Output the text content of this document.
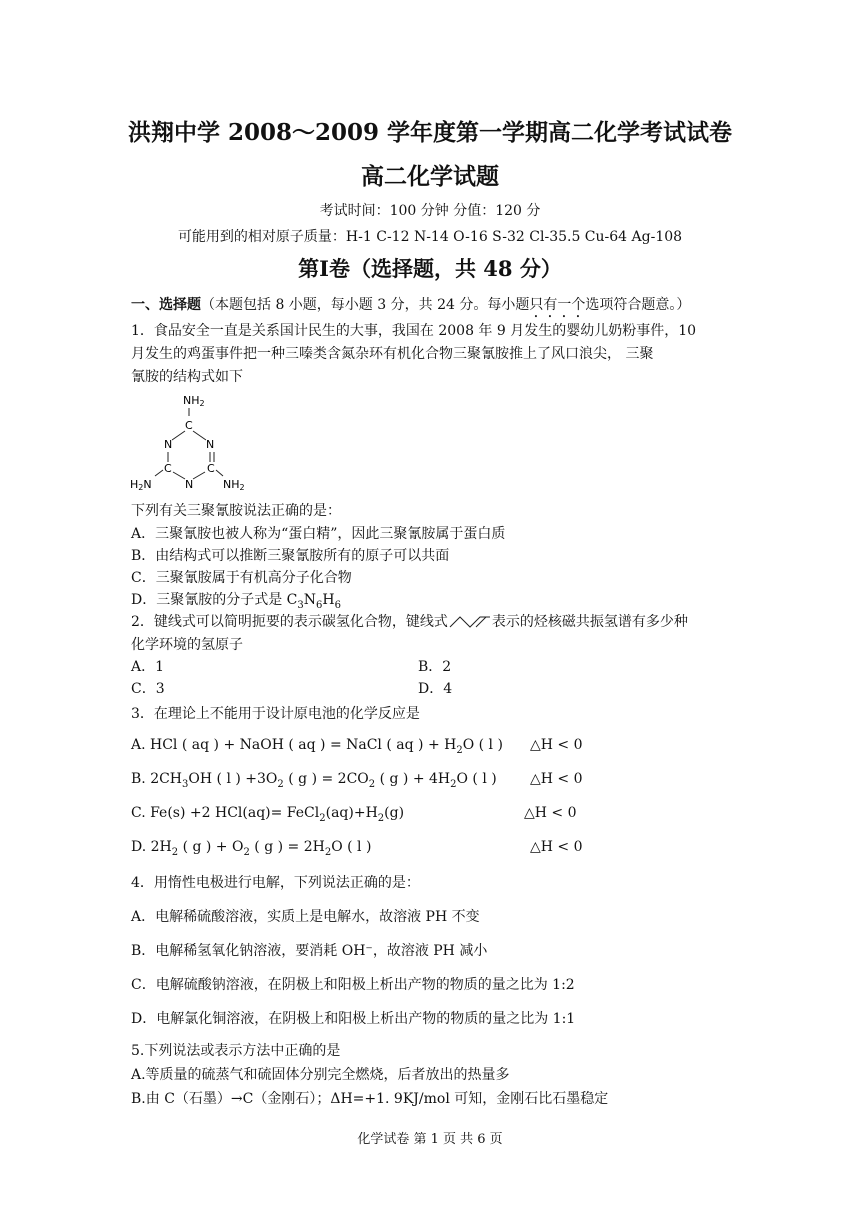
洪翔中学 2008～2009 学年度第一学期高二化学考试试卷
高二化学试题
考试时间：100 分钟 分值：120 分
可能用到的相对原子质量：H-1 C-12 N-14 O-16 S-32 Cl-35.5 Cu-64 Ag-108
第Ⅰ卷（选择题，共 48 分）
一、选择题（本题包括 8 小题，每小题 3 分，共 24 分。每小题只有一个选项符合题意。）
1．食品安全一直是关系国计民生的大事，我国在 2008 年 9 月发生的婴幼儿奶粉事件，10
月发生的鸡蛋事件把一种三嗪类含氮杂环有机化合物三聚氰胺推上了风口浪尖， 三聚
氰胺的结构式如下
NH2
C
N	N
C	C
N
H2N	NH2
下列有关三聚氰胺说法正确的是：
A．三聚氰胺也被人称为“蛋白精”，因此三聚氰胺属于蛋白质
B．由结构式可以推断三聚氰胺所有的原子可以共面
C．三聚氰胺属于有机高分子化合物
D．三聚氰胺的分子式是 $C_3N_6H_6$
2．键线式可以简明扼要的表示碳氢化合物，键线式	表示的烃核磁共振氢谱有多少种
化学环境的氢原子
A．1	B．2
C．3	D．4
3．在理论上不能用于设计原电池的化学反应是
A. HCl ( aq ) + NaOH ( aq ) = NaCl ( aq ) + $H_2O$ ( l ) △H < 0
B. $2CH_3OH$ ( l ) $+3O_2$ ( g ) = $2CO_2$ ( g ) + $4H_2O$ ( l ) △H < 0
C. Fe(s) +2 $HCl(aq)= FeCl_2(aq)+H_2(g)$	△H < 0
D. $2H_2$ ( g ) + $O_2$ ( g ) = $2H_2O$ ( l )	△H < 0
4．用惰性电极进行电解，下列说法正确的是：
A．电解稀硫酸溶液，实质上是电解水，故溶液 PH 不变
B．电解稀氢氧化钠溶液，要消耗 OH⁻，故溶液 PH 减小
C．电解硫酸钠溶液，在阴极上和阳极上析出产物的物质的量之比为 1:2
D．电解氯化铜溶液，在阴极上和阳极上析出产物的物质的量之比为 1:1
5.下列说法或表示方法中正确的是
A.等质量的硫蒸气和硫固体分别完全燃烧，后者放出的热量多
B.由 C（石墨）→C（金刚石）；ΔH=+1. 9KJ/mol 可知，金刚石比石墨稳定
化学试卷 第 1 页 共 6 页
